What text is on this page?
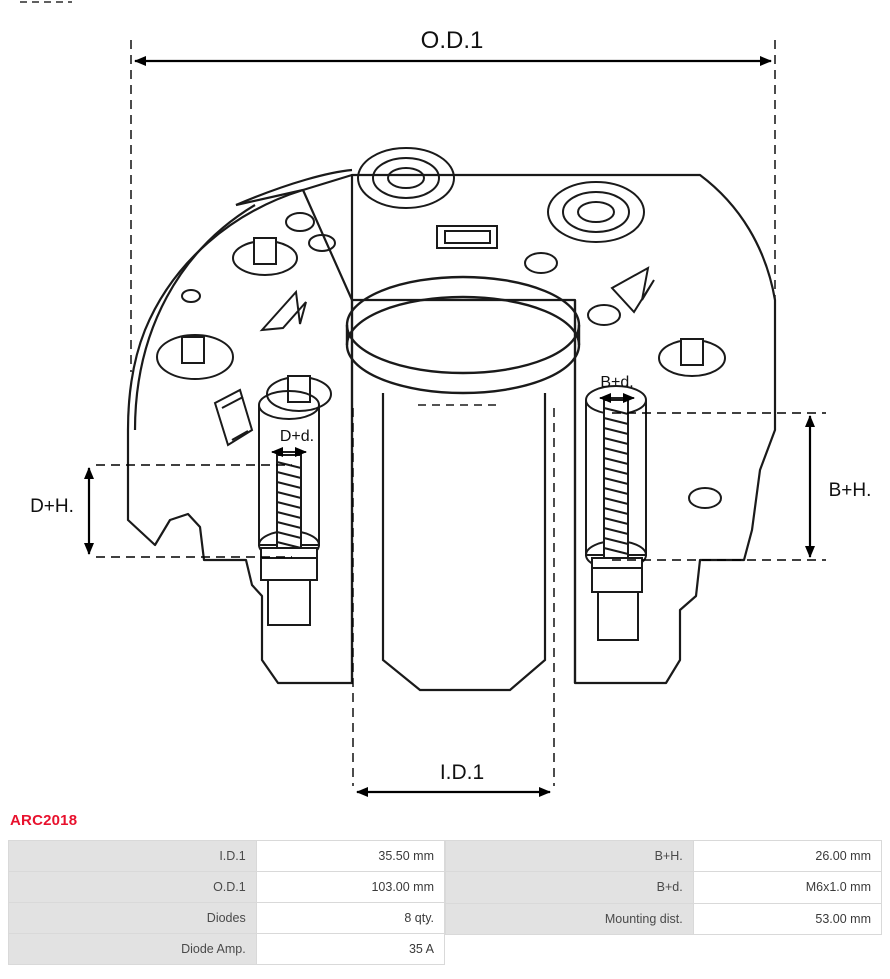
O.D.1
B+H.
B+d.
D+H.
D+d.
I.D.1
ARC2018
I.D.1	35.50 mm
O.D.1	103.00 mm
Diodes	8 qty.
Diode Amp.	35 A
B+H.	26.00 mm
B+d.	M6x1.0 mm
Mounting dist.	53.00 mm
